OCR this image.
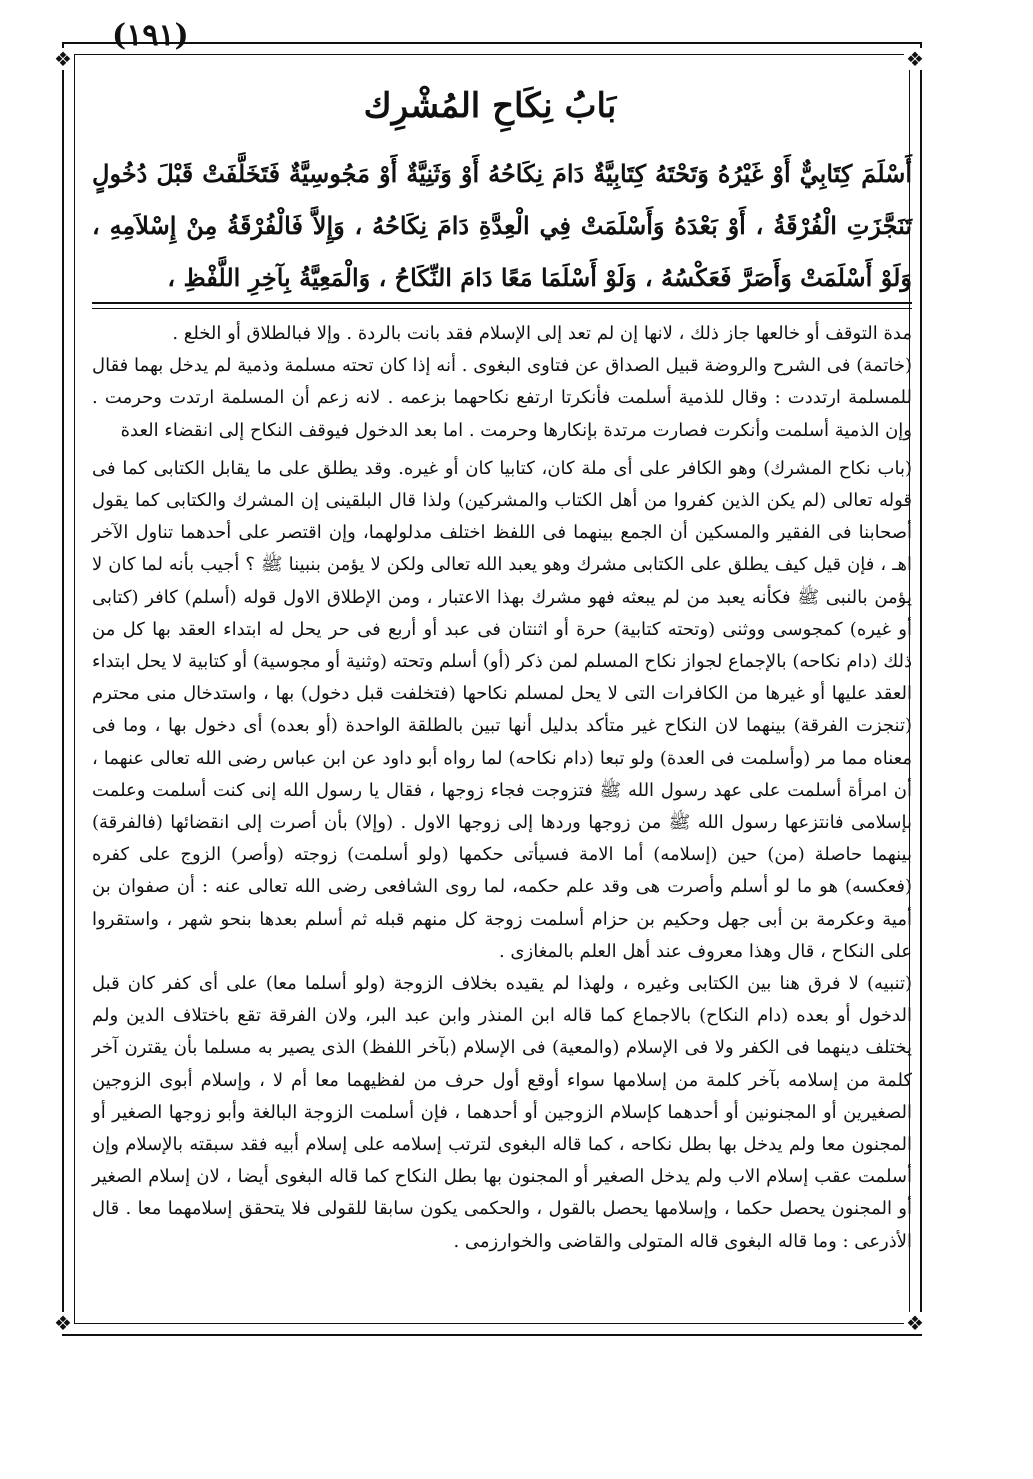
(١٩١)
❖	❖
❖	❖
بَابُ نِكَاحِ المُشْرِك

أَسْلَمَ كِتَابِيٌّ أَوْ غَيْرُهُ وَتَحْتَهُ كِتَابِيَّةٌ دَامَ نِكَاحُهُ أَوْ وَثَنِيَّةٌ أَوْ مَجُوسِيَّةٌ فَتَخَلَّفَتْ قَبْلَ دُخُولٍ تَنَجَّزَتِ الْفُرْقَةُ ، أَوْ بَعْدَهُ وَأَسْلَمَتْ فِي الْعِدَّةِ دَامَ نِكَاحُهُ ، وَإِلاَّ فَالْفُرْقَةُ مِنْ إِسْلاَمِهِ ، وَلَوْ أَسْلَمَتْ وَأَصَرَّ فَعَكْسُهُ ، وَلَوْ أَسْلَمَا مَعًا دَامَ النِّكَاحُ ، وَالْمَعِيَّةُ بِآخِرِ اللَّفْظِ ،

مدة التوقف أو خالعها جاز ذلك ، لانها إن لم تعد إلى الإسلام فقد بانت بالردة . وإلا فبالطلاق أو الخلع .

(خاتمة) فى الشرح والروضة قبيل الصداق عن فتاوى البغوى . أنه إذا كان تحته مسلمة وذمية لم يدخل بهما فقال للمسلمة ارتددت : وقال للذمية أسلمت فأنكرتا ارتفع نكاحهما بزعمه . لانه زعم أن المسلمة ارتدت وحرمت . وإن الذمية أسلمت وأنكرت فصارت مرتدة بإنكارها وحرمت . اما بعد الدخول فيوقف النكاح إلى انقضاء العدة

(باب نكاح المشرك) وهو الكافر على أى ملة كان، كتابيا كان أو غيره. وقد يطلق على ما يقابل الكتابى كما فى قوله تعالى (لم يكن الذين كفروا من أهل الكتاب والمشركين) ولذا قال البلقينى إن المشرك والكتابى كما يقول أصحابنا فى الفقير والمسكين أن الجمع بينهما فى اللفظ اختلف مدلولهما، وإن اقتصر على أحدهما تناول الآخر اهـ ، فإن قيل كيف يطلق على الكتابى مشرك وهو يعبد الله تعالى ولكن لا يؤمن بنبينا ﷺ ؟ أجيب بأنه لما كان لا يؤمن بالنبى ﷺ فكأنه يعبد من لم يبعثه فهو مشرك بهذا الاعتبار ، ومن الإطلاق الاول قوله (أسلم) كافر (كتابى أو غيره) كمجوسى ووثنى (وتحته كتابية) حرة أو اثنتان فى عبد أو أربع فى حر يحل له ابتداء العقد بها كل من ذلك (دام نكاحه) بالإجماع لجواز نكاح المسلم لمن ذكر (أو) أسلم وتحته (وثنية أو مجوسية) أو كتابية لا يحل ابتداء العقد عليها أو غيرها من الكافرات التى لا يحل لمسلم نكاحها (فتخلفت قبل دخول) بها ، واستدخال منى محترم (تنجزت الفرقة) بينهما لان النكاح غير متأكد بدليل أنها تبين بالطلقة الواحدة (أو بعده) أى دخول بها ، وما فى معناه مما مر (وأسلمت فى العدة) ولو تبعا (دام نكاحه) لما رواه أبو داود عن ابن عباس رضى الله تعالى عنهما ، أن امرأة أسلمت على عهد رسول الله ﷺ فتزوجت فجاء زوجها ، فقال يا رسول الله إنى كنت أسلمت وعلمت بإسلامى فانتزعها رسول الله ﷺ من زوجها وردها إلى زوجها الاول . (وإلا) بأن أصرت إلى انقضائها (فالفرقة) بينهما حاصلة (من) حين (إسلامه) أما الامة فسيأتى حكمها (ولو أسلمت) زوجته (وأصر) الزوج على كفره (فعكسه) هو ما لو أسلم وأصرت هى وقد علم حكمه، لما روى الشافعى رضى الله تعالى عنه : أن صفوان بن أمية وعكرمة بن أبى جهل وحكيم بن حزام أسلمت زوجة كل منهم قبله ثم أسلم بعدها بنحو شهر ، واستقروا على النكاح ، قال وهذا معروف عند أهل العلم بالمغازى .

(تنبيه) لا فرق هنا بين الكتابى وغيره ، ولهذا لم يقيده بخلاف الزوجة (ولو أسلما معا) على أى كفر كان قبل الدخول أو بعده (دام النكاح) بالاجماع كما قاله ابن المنذر وابن عبد البر، ولان الفرقة تقع باختلاف الدين ولم يختلف دينهما فى الكفر ولا فى الإسلام (والمعية) فى الإسلام (بآخر اللفظ) الذى يصير به مسلما بأن يقترن آخر كلمة من إسلامه بآخر كلمة من إسلامها سواء أوقع أول حرف من لفظيهما معا أم لا ، وإسلام أبوى الزوجين الصغيرين أو المجنونين أو أحدهما كإسلام الزوجين أو أحدهما ، فإن أسلمت الزوجة البالغة وأبو زوجها الصغير أو المجنون معا ولم يدخل بها بطل نكاحه ، كما قاله البغوى لترتب إسلامه على إسلام أبيه فقد سبقته بالإسلام وإن أسلمت عقب إسلام الاب ولم يدخل الصغير أو المجنون بها بطل النكاح كما قاله البغوى أيضا ، لان إسلام الصغير أو المجنون يحصل حكما ، وإسلامها يحصل بالقول ، والحكمى يكون سابقا للقولى فلا يتحقق إسلامهما معا . قال الأذرعى : وما قاله البغوى قاله المتولى والقاضى والخوارزمى .
